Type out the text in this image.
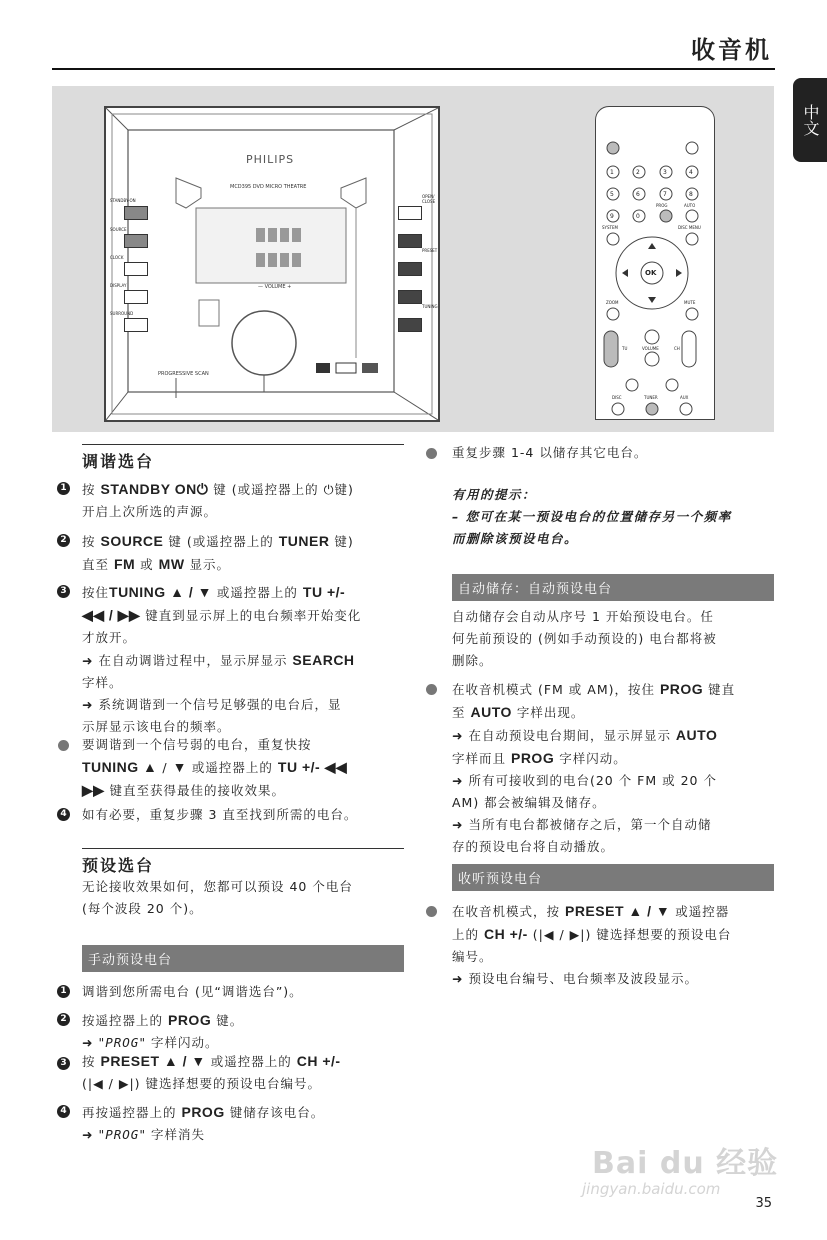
收音机
中文
PHILIPS
MCD395 DVD MICRO THEATRE
— VOLUME +
PROGRESSIVE SCAN
STANDBY-ON
SOURCE
CLOCK
DISPLAY
SURROUND
OPEN/ CLOSE
PRESET
TUNING
1	2	3	4
5	6	7	8
9	0
PROG	AUTO
SYSTEM	DISC MENU
OK
ZOOM	MUTE
TU	VOLUME	CH
DISC	TUNER	AUX
调谐选台
1 按 STANDBY ON⏻ 键 (或遥控器上的 ⏻键)
开启上次所选的声源。
2 按 SOURCE 键 (或遥控器上的 TUNER 键)
直至 FM 或 MW 显示。
3 按住TUNING ▲ / ▼ 或遥控器上的 TU +/-
◀◀ / ▶▶ 键直到显示屏上的电台频率开始变化
才放开。
➜ 在自动调谐过程中，显示屏显示 SEARCH
字样。
➜ 系统调谐到一个信号足够强的电台后，显
示屏显示该电台的频率。
要调谐到一个信号弱的电台，重复快按
TUNING ▲ / ▼ 或遥控器上的 TU +/- ◀◀
▶▶ 键直至获得最佳的接收效果。
4 如有必要，重复步骤 3 直至找到所需的电台。
预设选台
无论接收效果如何，您都可以预设 40 个电台
(每个波段 20 个)。
手动预设电台
1 调谐到您所需电台 (见“调谐选台”)。
2 按遥控器上的 PROG 键。
➜ "PROG" 字样闪动。
3 按 PRESET ▲ / ▼ 或遥控器上的 CH +/-
(|◀ / ▶|) 键选择想要的预设电台编号。
4 再按遥控器上的 PROG 键储存该电台。
➜ "PROG" 字样消失
重复步骤 1-4 以储存其它电台。
有用的提示：
– 您可在某一预设电台的位置储存另一个频率
而删除该预设电台。
自动储存：自动预设电台
自动储存会自动从序号 1 开始预设电台。任
何先前预设的 (例如手动预设的) 电台都将被
删除。
在收音机模式 (FM 或 AM)，按住 PROG 键直
至 AUTO 字样出现。
➜ 在自动预设电台期间，显示屏显示 AUTO
字样而且 PROG 字样闪动。
➜ 所有可接收到的电台(20 个 FM 或 20 个
AM) 都会被编辑及储存。
➜ 当所有电台都被储存之后，第一个自动储
存的预设电台将自动播放。
收听预设电台
在收音机模式，按 PRESET ▲ / ▼ 或遥控器
上的 CH +/- (|◀ / ▶|) 键选择想要的预设电台
编号。
➜ 预设电台编号、电台频率及波段显示。
Bai du 经验
jingyan.baidu.com
35
